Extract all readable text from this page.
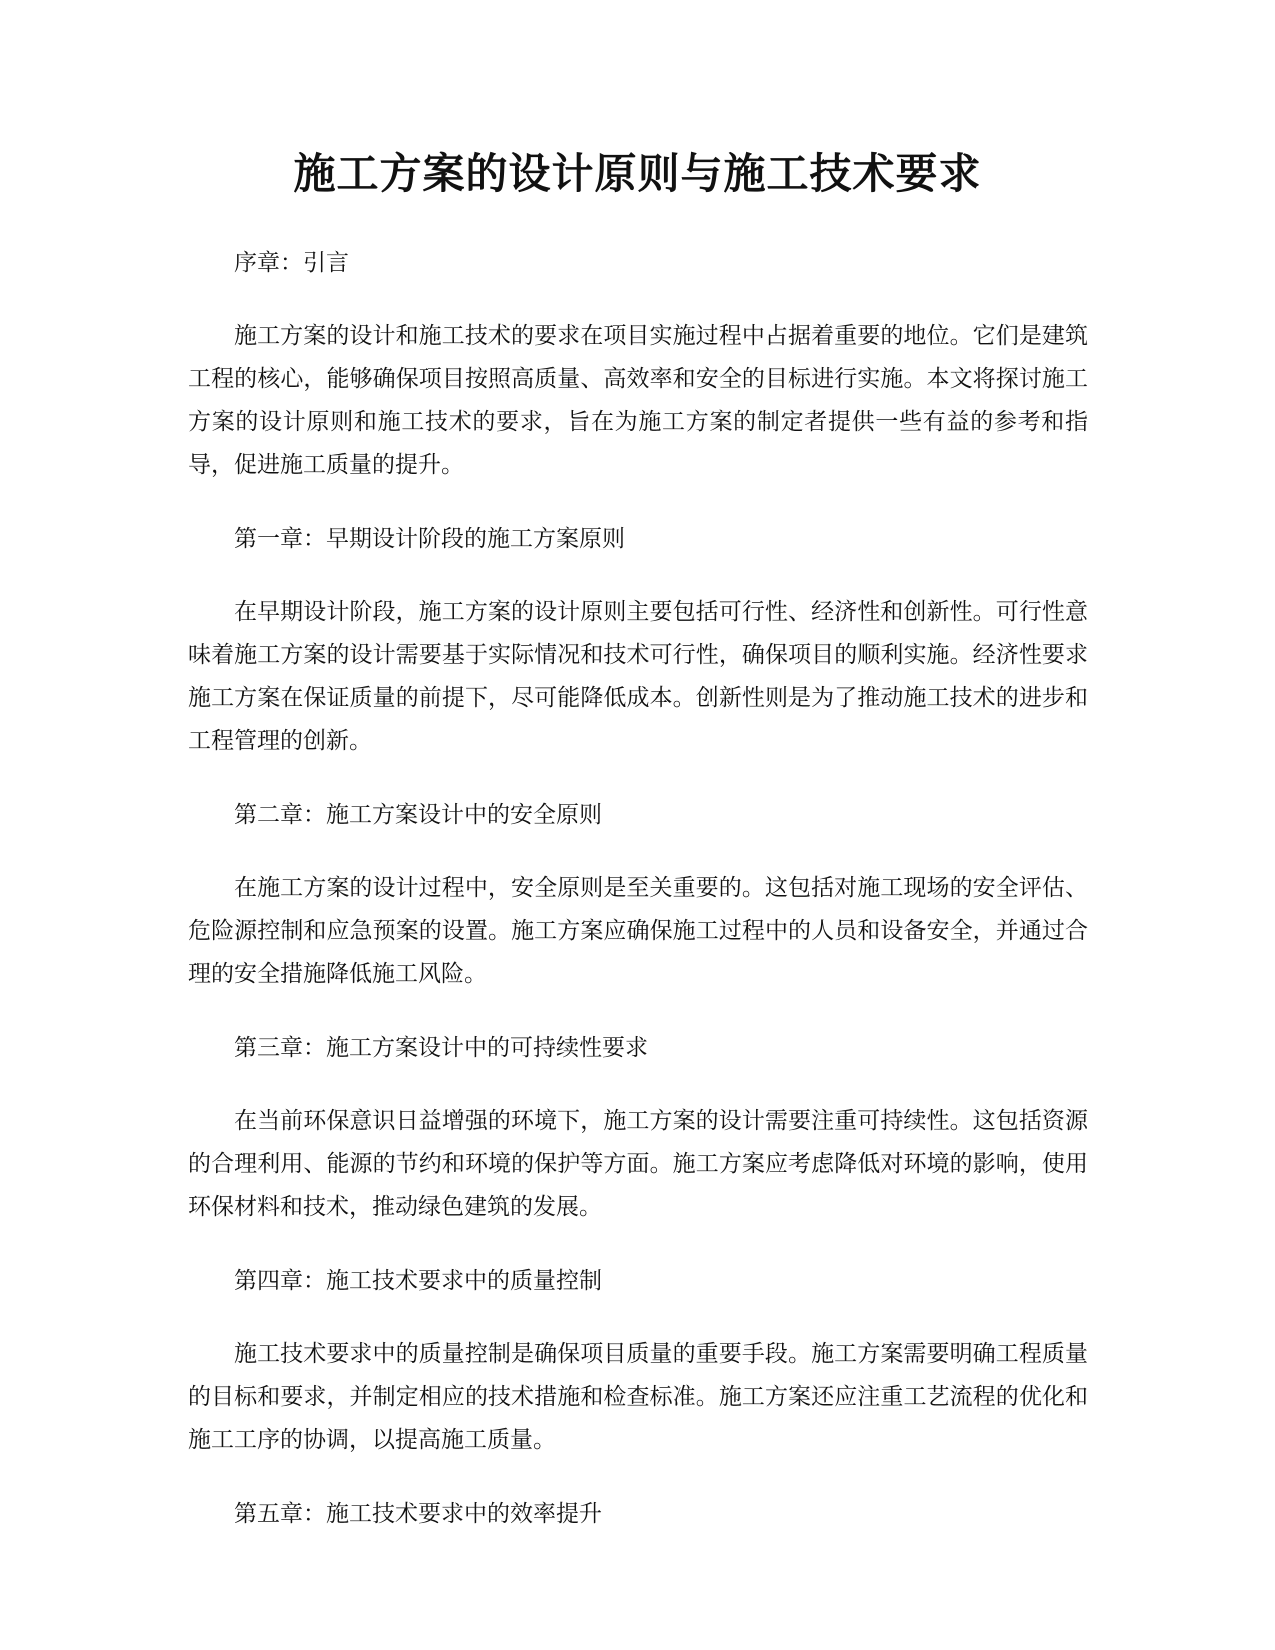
施工方案的设计原则与施工技术要求

序章：引言

施工方案的设计和施工技术的要求在项目实施过程中占据着重要的地位。它们是建筑工程的核心，能够确保项目按照高质量、高效率和安全的目标进行实施。本文将探讨施工方案的设计原则和施工技术的要求，旨在为施工方案的制定者提供一些有益的参考和指导，促进施工质量的提升。

第一章：早期设计阶段的施工方案原则

在早期设计阶段，施工方案的设计原则主要包括可行性、经济性和创新性。可行性意味着施工方案的设计需要基于实际情况和技术可行性，确保项目的顺利实施。经济性要求施工方案在保证质量的前提下，尽可能降低成本。创新性则是为了推动施工技术的进步和工程管理的创新。

第二章：施工方案设计中的安全原则

在施工方案的设计过程中，安全原则是至关重要的。这包括对施工现场的安全评估、危险源控制和应急预案的设置。施工方案应确保施工过程中的人员和设备安全，并通过合理的安全措施降低施工风险。

第三章：施工方案设计中的可持续性要求

在当前环保意识日益增强的环境下，施工方案的设计需要注重可持续性。这包括资源的合理利用、能源的节约和环境的保护等方面。施工方案应考虑降低对环境的影响，使用环保材料和技术，推动绿色建筑的发展。

第四章：施工技术要求中的质量控制

施工技术要求中的质量控制是确保项目质量的重要手段。施工方案需要明确工程质量的目标和要求，并制定相应的技术措施和检查标准。施工方案还应注重工艺流程的优化和施工工序的协调，以提高施工质量。

第五章：施工技术要求中的效率提升
